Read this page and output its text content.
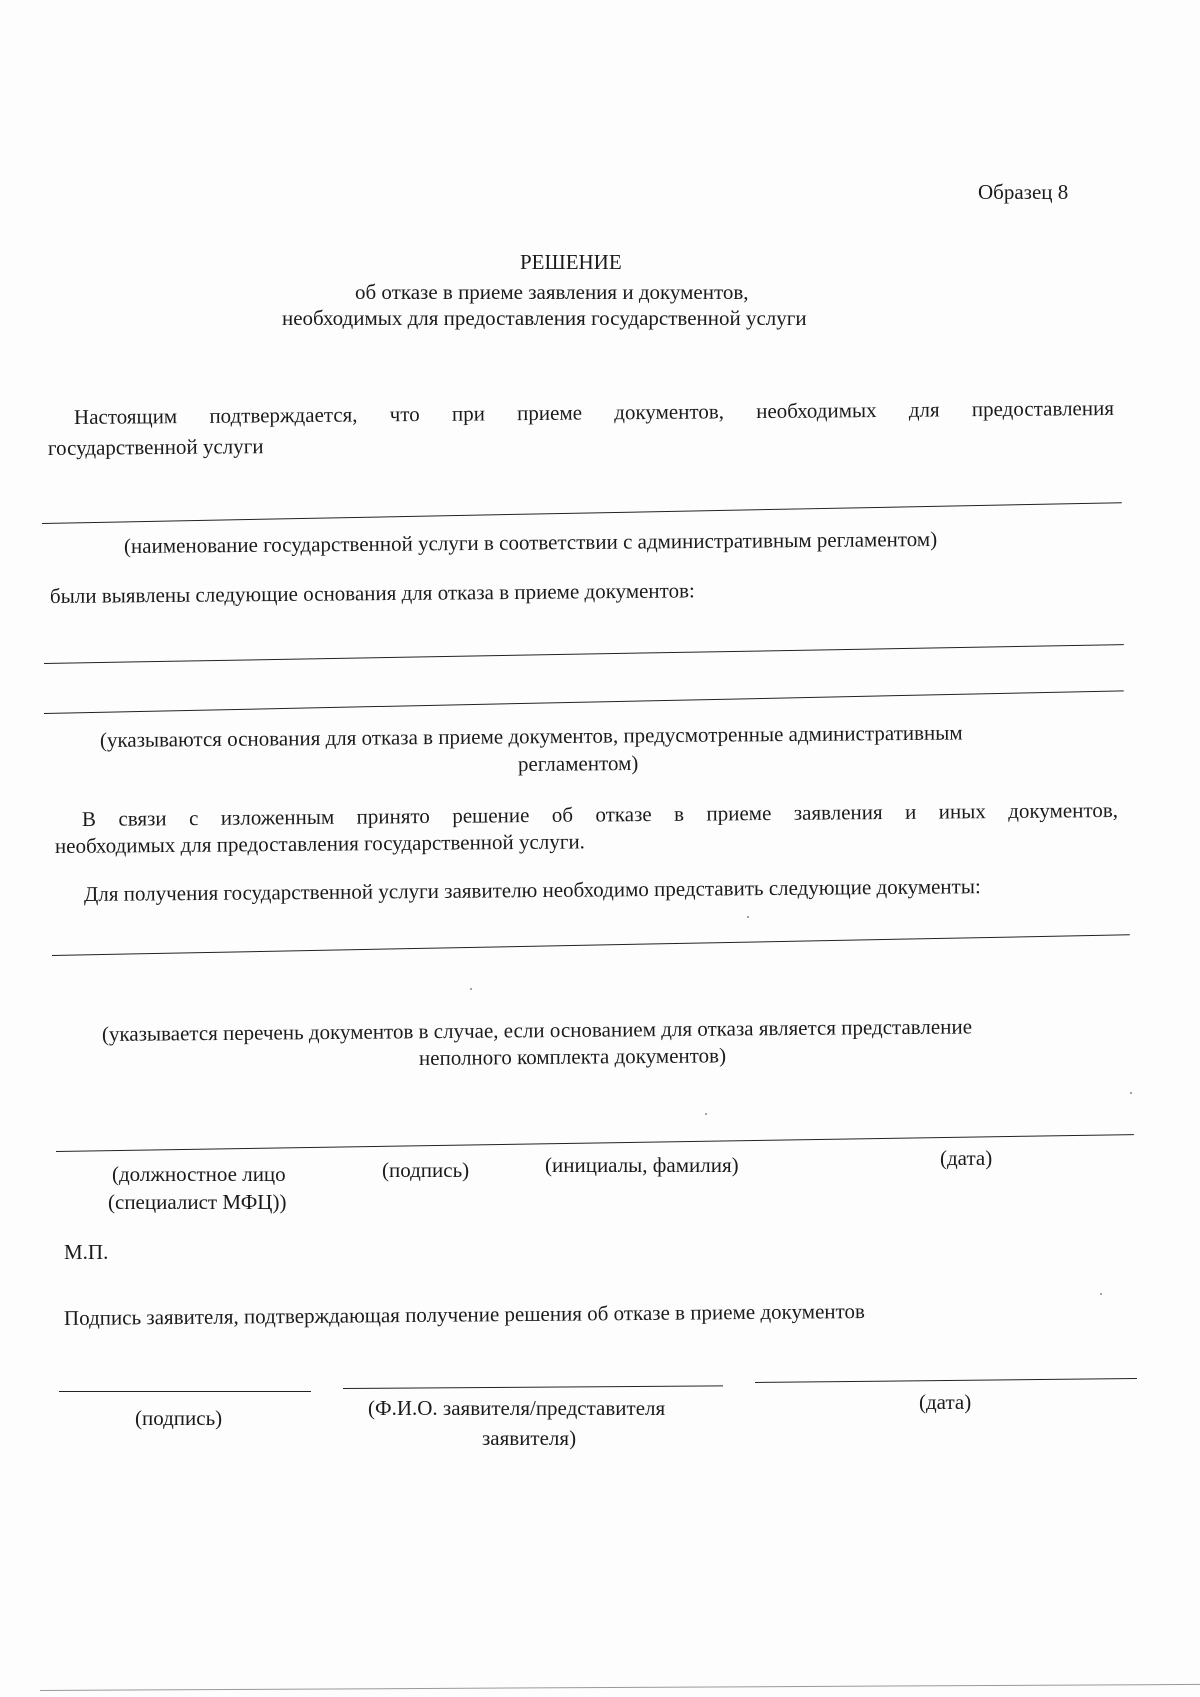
Образец 8
РЕШЕНИЕ
об отказе в приеме заявления и документов,
необходимых для предоставления государственной услуги
Настоящим подтверждается, что при приеме документов, необходимых для предоставления
государственной услуги
(наименование государственной услуги в соответствии с административным регламентом)
были выявлены следующие основания для отказа в приеме документов:
(указываются основания для отказа в приеме документов, предусмотренные административным
регламентом)
В связи с изложенным принято решение об отказе в приеме заявления и иных документов,
необходимых для предоставления государственной услуги.
Для получения государственной услуги заявителю необходимо представить следующие документы:
(указывается перечень документов в случае, если основанием для отказа является представление
неполного комплекта документов)
(должностное лицо
(специалист МФЦ))
(подпись)	(инициалы, фамилия)	(дата)
М.П.
Подпись заявителя, подтверждающая получение решения об отказе в приеме документов
(подпись)	(Ф.И.О. заявителя/представителя
заявителя)
(дата)
